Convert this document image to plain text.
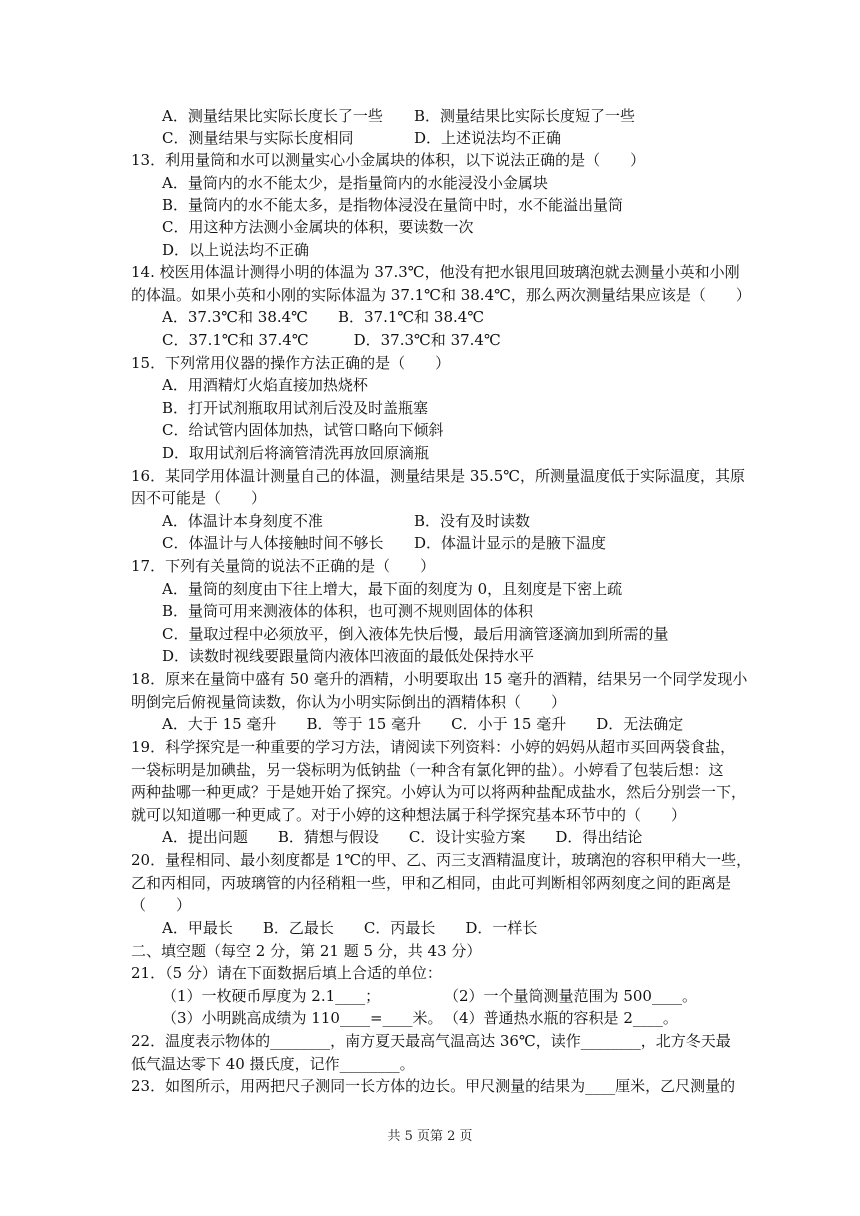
A．测量结果比实际长度长了一些 B．测量结果比实际长度短了一些
C．测量结果与实际长度相同	D．上述说法均不正确
13．利用量筒和水可以测量实心小金属块的体积，以下说法正确的是（　　）
A．量筒内的水不能太少，是指量筒内的水能浸没小金属块
B．量筒内的水不能太多，是指物体浸没在量筒中时，水不能溢出量筒
C．用这种方法测小金属块的体积，要读数一次
D．以上说法均不正确
14. 校医用体温计测得小明的体温为 37.3℃，他没有把水银甩回玻璃泡就去测量小英和小刚
的体温。如果小英和小刚的实际体温为 37.1℃和 38.4℃，那么两次测量结果应该是（　　）
A．37.3℃和 38.4℃　　B．37.1℃和 38.4℃
C．37.1℃和 37.4℃　　　D．37.3℃和 37.4℃
15．下列常用仪器的操作方法正确的是（　　）
A．用酒精灯火焰直接加热烧杯
B．打开试剂瓶取用试剂后没及时盖瓶塞
C．给试管内固体加热，试管口略向下倾斜
D．取用试剂后将滴管清洗再放回原滴瓶
16．某同学用体温计测量自己的体温，测量结果是 35.5℃，所测量温度低于实际温度，其原
因不可能是（　　）
A．体温计本身刻度不准	B．没有及时读数
C．体温计与人体接触时间不够长 D．体温计显示的是腋下温度
17．下列有关量筒的说法不正确的是（　　）
A．量筒的刻度由下往上增大，最下面的刻度为 0，且刻度是下密上疏
B．量筒可用来测液体的体积，也可测不规则固体的体积
C．量取过程中必须放平，倒入液体先快后慢，最后用滴管逐滴加到所需的量
D．读数时视线要跟量筒内液体凹液面的最低处保持水平
18．原来在量筒中盛有 50 毫升的酒精，小明要取出 15 毫升的酒精，结果另一个同学发现小
明倒完后俯视量筒读数，你认为小明实际倒出的酒精体积（　　）
A．大于 15 毫升　　B．等于 15 毫升　　C．小于 15 毫升　　D．无法确定
19．科学探究是一种重要的学习方法，请阅读下列资料：小婷的妈妈从超市买回两袋食盐，
一袋标明是加碘盐，另一袋标明为低钠盐（一种含有氯化钾的盐）。小婷看了包装后想：这
两种盐哪一种更咸？于是她开始了探究。小婷认为可以将两种盐配成盐水，然后分别尝一下，
就可以知道哪一种更咸了。对于小婷的这种想法属于科学探究基本环节中的（　　）
A．提出问题　　B．猜想与假设　　C．设计实验方案　　D．得出结论
20．量程相同、最小刻度都是 1℃的甲、乙、丙三支酒精温度计，玻璃泡的容积甲稍大一些，
乙和丙相同，丙玻璃管的内径稍粗一些，甲和乙相同，由此可判断相邻两刻度之间的距离是
（　　）
A．甲最长　　B．乙最长　　C．丙最长　　D．一样长
二、填空题（每空 2 分，第 21 题 5 分，共 43 分）
21．（5 分）请在下面数据后填上合适的单位：
（1）一枚硬币厚度为 2.1____；	（2）一个量筒测量范围为 500____。
（3）小明跳高成绩为 110____=____米。 （4）普通热水瓶的容积是 2____。
22．温度表示物体的________，南方夏天最高气温高达 36℃，读作________，北方冬天最
低气温达零下 40 摄氏度，记作________。
23．如图所示，用两把尺子测同一长方体的边长。甲尺测量的结果为____厘米，乙尺测量的
共 5 页第 2 页
